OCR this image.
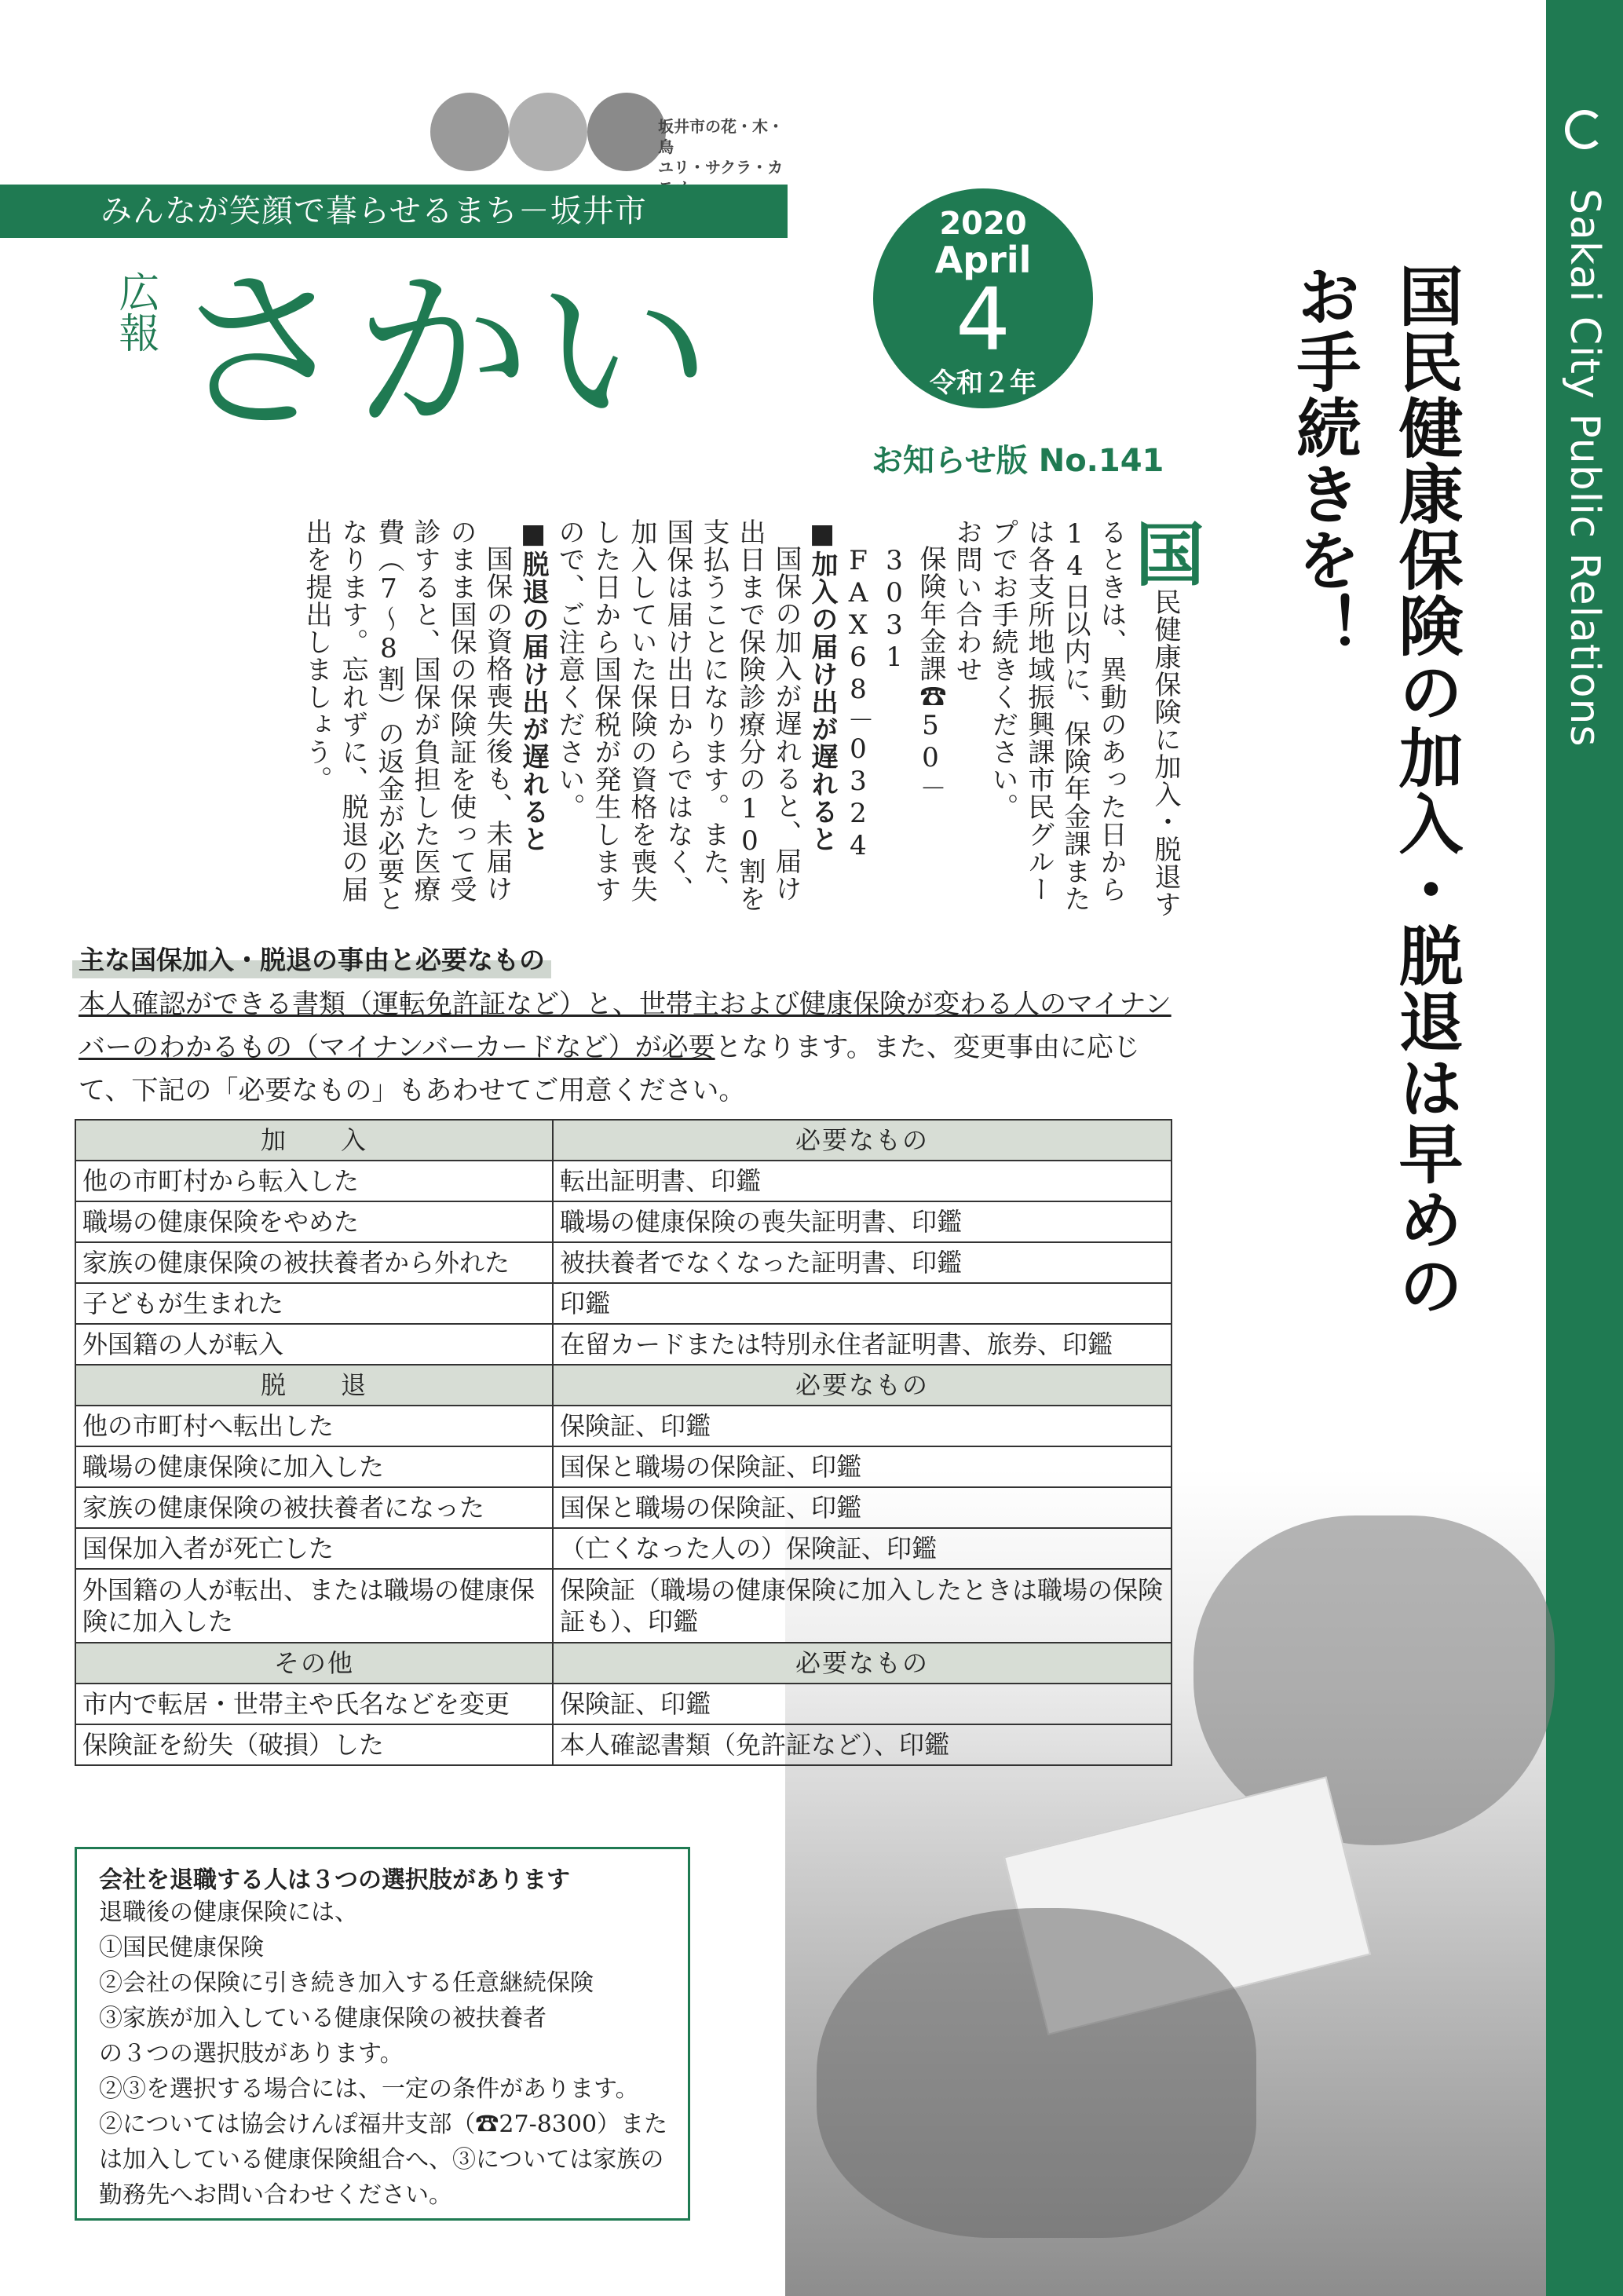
Sakai City Public Relations
坂井市の花・木・鳥
ユリ・サクラ・カ
みんなが笑顔で暮らせるまち－坂井市
広報 さかい
2020
April
4
令和２年
お知らせ版 No.141	国民健康保険の加入・脱退は早めのお手続きを！

国民健康保険に加入・脱退するときは、異動のあった日から14日以内に、保険年金課または各支所地域振興課市民グループでお手続きください。

お問い合わせ

保険年金課☎50－3031

FAX68－0324

■加入の届け出が遅れると

国保の加入が遅れると、届け出日まで保険診療分の10割を支払うことになります。また、国保は届け出日からではなく、加入していた保険の資格を喪失した日から国保税が発生しますので、ご注意ください。

■脱退の届け出が遅れると

国保の資格喪失後も、未届けのまま国保の保険証を使って受診すると、国保が負担した医療費（7～8割）の返金が必要となります。忘れずに、脱退の届出を提出しましょう。

主な国保加入・脱退の事由と必要なもの
本人確認ができる書類（運転免許証など）と、世帯主および健康保険が変わる人のマイナンバーのわかるもの（マイナンバーカードなど）が必要となります。また、変更事由に応じて、下記の「必要なもの」もあわせてご用意ください。
加　　入	必要なもの
他の市町村から転入した	転出証明書、印鑑
職場の健康保険をやめた	職場の健康保険の喪失証明書、印鑑
家族の健康保険の被扶養者から外れた	被扶養者でなくなった証明書、印鑑
子どもが生まれた	印鑑
外国籍の人が転入	在留カードまたは特別永住者証明書、旅券、印鑑
脱　　退	必要なもの
他の市町村へ転出した	保険証、印鑑
職場の健康保険に加入した	国保と職場の保険証、印鑑
家族の健康保険の被扶養者になった	国保と職場の保険証、印鑑
国保加入者が死亡した	（亡くなった人の）保険証、印鑑
外国籍の人が転出、または職場の健康保険に加入した	保険証（職場の健康保険に加入したときは職場の保険証も）、印鑑
その他	必要なもの
市内で転居・世帯主や氏名などを変更	保険証、印鑑
保険証を紛失（破損）した	本人確認書類（免許証など）、印鑑
会社を退職する人は３つの選択肢があります
退職後の健康保険には、
①国民健康保険
②会社の保険に引き続き加入する任意継続保険
③家族が加入している健康保険の被扶養者
の３つの選択肢があります。
②③を選択する場合には、一定の条件があります。
②については協会けんぽ福井支部（☎27-8300）または加入している健康保険組合へ、③については家族の勤務先へお問い合わせください。
